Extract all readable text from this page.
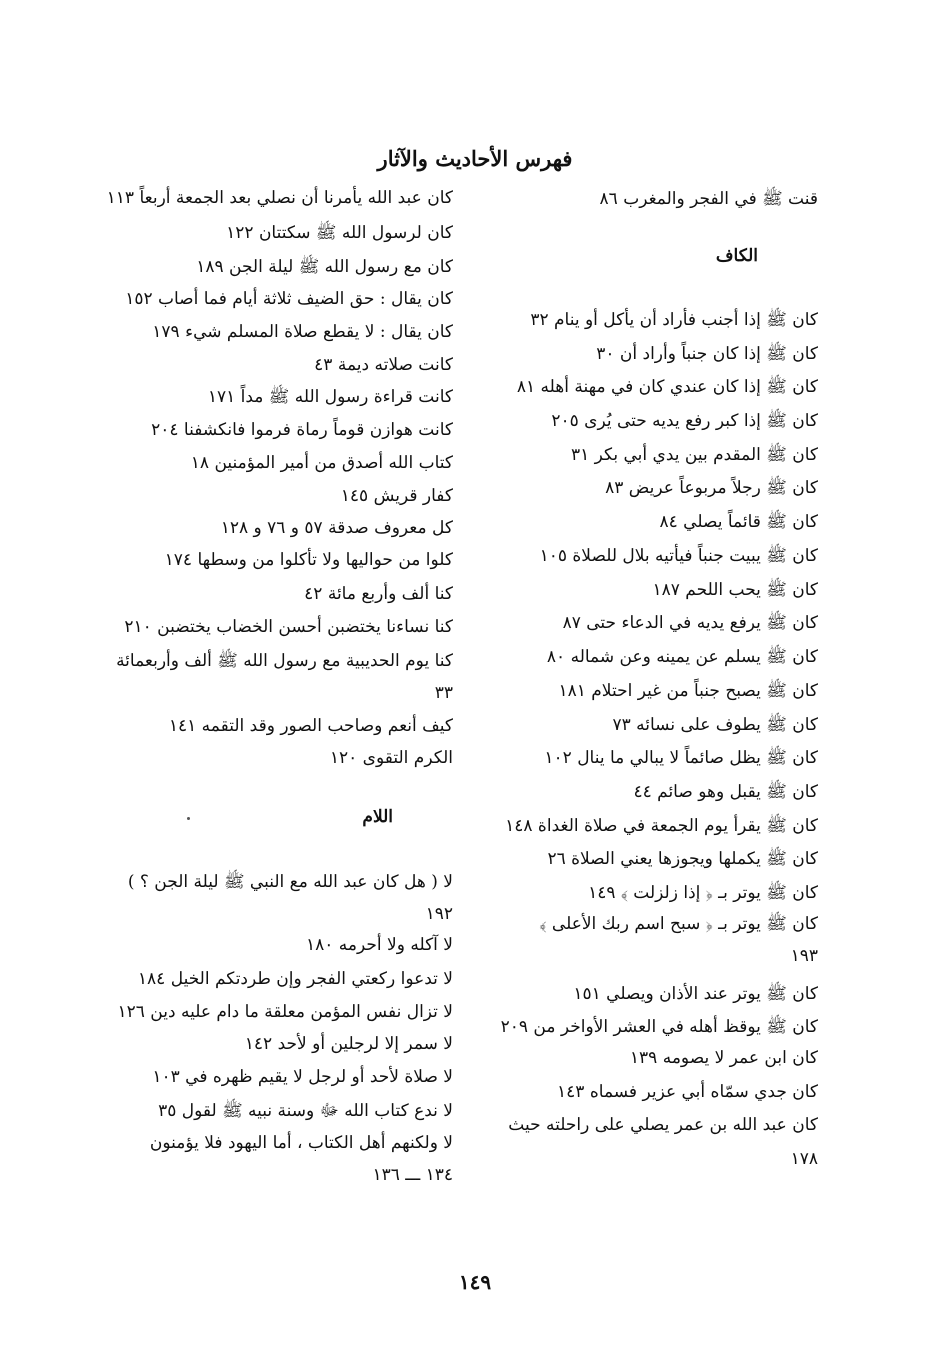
فهرس الأحاديث والآثار
قنت ﷺ في الفجر والمغرب ٨٦
الكاف
كان ﷺ إذا أجنب فأراد أن يأكل أو ينام ٣٢
كان ﷺ إذا كان جنباً وأراد أن ٣٠
كان ﷺ إذا كان عندي كان في مهنة أهله ٨١
كان ﷺ إذا كبر رفع يديه حتى يُرى ٢٠٥
كان ﷺ المقدم بين يدي أبي بكر ٣١
كان ﷺ رجلاً مربوعاً عريض ٨٣
كان ﷺ قائماً يصلي ٨٤
كان ﷺ يبيت جنباً فيأتيه بلال للصلاة ١٠٥
كان ﷺ يحب اللحم ١٨٧
كان ﷺ يرفع يديه في الدعاء حتى ٨٧
كان ﷺ يسلم عن يمينه وعن شماله ٨٠
كان ﷺ يصبح جنباً من غير احتلام ١٨١
كان ﷺ يطوف على نسائه ٧٣
كان ﷺ يظل صائماً لا يبالي ما ينال ١٠٢
كان ﷺ يقبل وهو صائم ٤٤
كان ﷺ يقرأ يوم الجمعة في صلاة الغداة ١٤٨
كان ﷺ يكملها ويجوزها يعني الصلاة ٢٦
كان ﷺ يوتر بـ ﴿ إذا زلزلت ﴾ ١٤٩
كان ﷺ يوتر بـ ﴿ سبح اسم ربك الأعلى ﴾
١٩٣
كان ﷺ يوتر عند الأذان ويصلي ١٥١
كان ﷺ يوقظ أهله في العشر الأواخر من ٢٠٩
كان ابن عمر لا يصومه ١٣٩
كان جدي سمّاه أبي عزير فسماه ١٤٣
كان عبد الله بن عمر يصلي على راحلته حيث
١٧٨
كان عبد الله يأمرنا أن نصلي بعد الجمعة أربعاً ١١٣
كان لرسول الله ﷺ سكتتان ١٢٢
كان مع رسول الله ﷺ ليلة الجن ١٨٩
كان يقال : حق الضيف ثلاثة أيام فما أصاب ١٥٢
كان يقال : لا يقطع صلاة المسلم شيء ١٧٩
كانت صلاته ديمة ٤٣
كانت قراءة رسول الله ﷺ مداً ١٧١
كانت هوازن قوماً رماة فرموا فانكشفنا ٢٠٤
كتاب الله أصدق من أمير المؤمنين ١٨
كفار قريش ١٤٥
كل معروف صدقة ٥٧ و ٧٦ و ١٢٨
كلوا من حواليها ولا تأكلوا من وسطها ١٧٤
كنا ألف وأربع مائة ٤٢
كنا نساءنا يختضبن أحسن الخضاب يختضبن ٢١٠
كنا يوم الحديبية مع رسول الله ﷺ ألف وأربعمائة
٣٣
كيف أنعم وصاحب الصور وقد التقمه ١٤١
الكرم التقوى ١٢٠
اللام
لا ( هل كان عبد الله مع النبي ﷺ ليلة الجن ؟ )
١٩٢
لا آكله ولا أحرمه ١٨٠
لا تدعوا ركعتي الفجر وإن طردتكم الخيل ١٨٤
لا تزال نفس المؤمن معلقة ما دام عليه دين ١٢٦
لا سمر إلا لرجلين أو لأحد ١٤٢
لا صلاة لأحد أو لرجل لا يقيم ظهره في ١٠٣
لا ندع كتاب الله ﷻ وسنة نبيه ﷺ لقول ٣٥
لا ولكنهم أهل الكتاب ، أما اليهود فلا يؤمنون
١٣٤ ـــ ١٣٦
١٤٩
